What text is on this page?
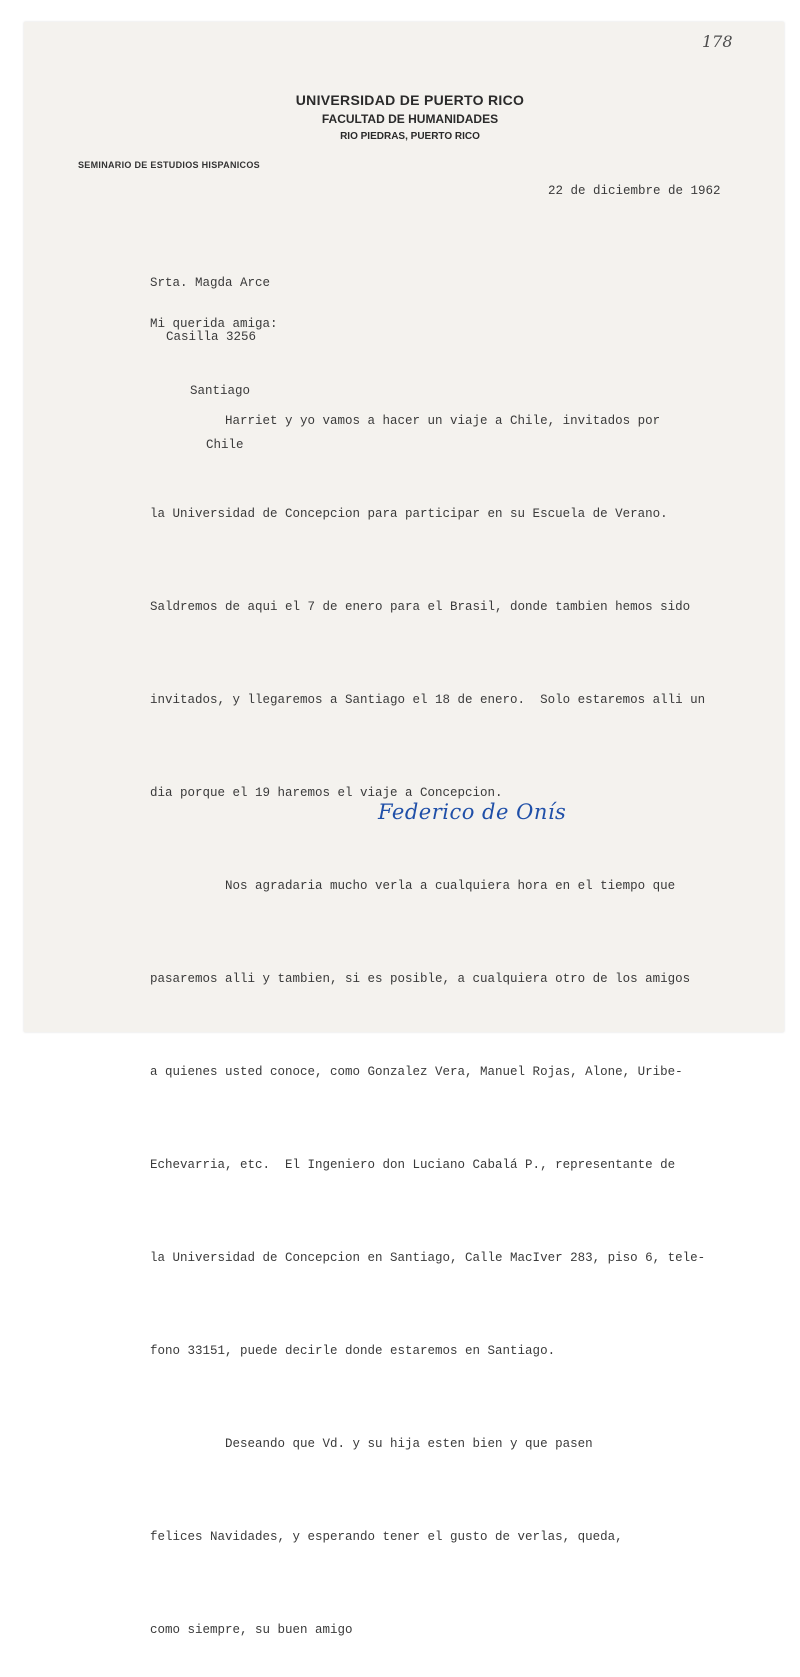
178
UNIVERSIDAD DE PUERTO RICO
FACULTAD DE HUMANIDADES
RIO PIEDRAS, PUERTO RICO
SEMINARIO DE ESTUDIOS HISPANICOS
22 de diciembre de 1962

Srta. Magda Arce

Casilla 3256

Santiago

Chile

Mi querida amiga:

Harriet y yo vamos a hacer un viaje a Chile, invitados por

la Universidad de Concepcion para participar en su Escuela de Verano.

Saldremos de aqui el 7 de enero para el Brasil, donde tambien hemos sido

invitados, y llegaremos a Santiago el 18 de enero.  Solo estaremos alli un

dia porque el 19 haremos el viaje a Concepcion.

Nos agradaria mucho verla a cualquiera hora en el tiempo que

pasaremos alli y tambien, si es posible, a cualquiera otro de los amigos

a quienes usted conoce, como Gonzalez Vera, Manuel Rojas, Alone, Uribe-

Echevarria, etc.  El Ingeniero don Luciano Cabalá P., representante de

la Universidad de Concepcion en Santiago, Calle MacIver 283, piso 6, tele-

fono 33151, puede decirle donde estaremos en Santiago.

Deseando que Vd. y su hija esten bien y que pasen

felices Navidades, y esperando tener el gusto de verlas, queda,

como siempre, su buen amigo

Federico de Onís
